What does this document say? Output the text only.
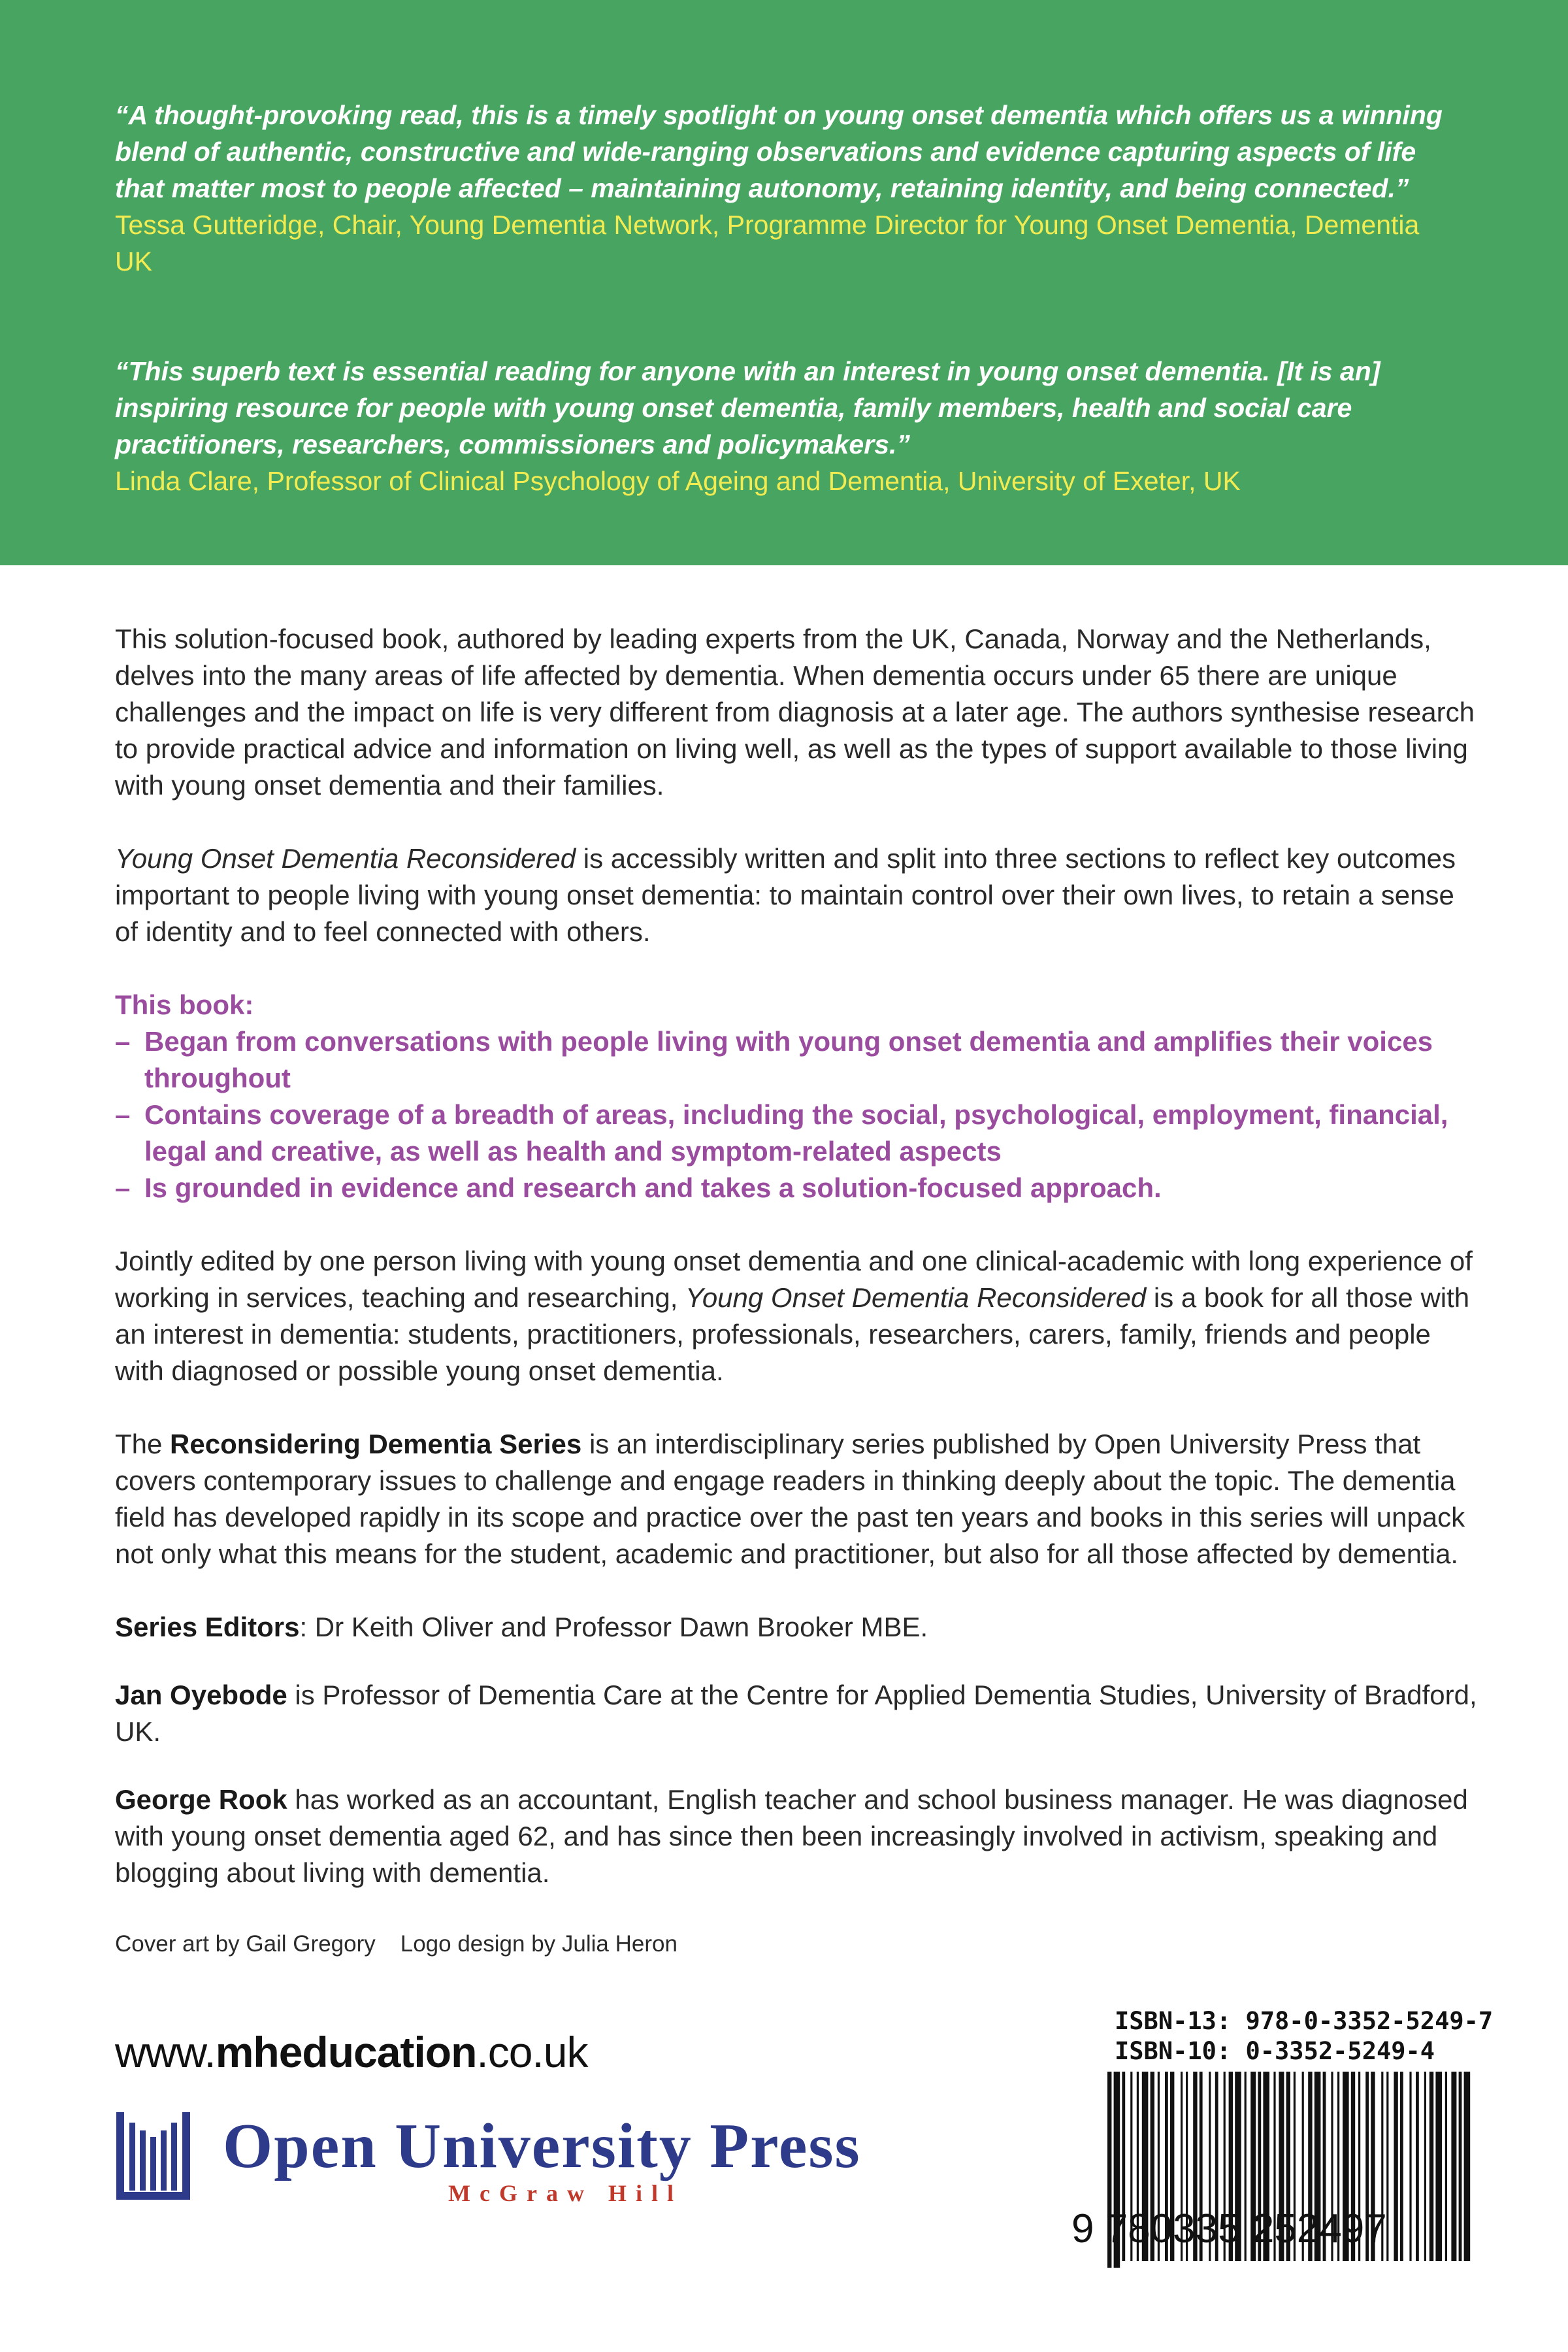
“A thought-provoking read, this is a timely spotlight on young onset dementia which offers us a winning blend of authentic, constructive and wide-ranging observations and evidence capturing aspects of life that matter most to people affected – maintaining autonomy, retaining identity, and being connected.”

Tessa Gutteridge, Chair, Young Dementia Network, Programme Director for Young Onset Dementia, Dementia UK

“This superb text is essential reading for anyone with an interest in young onset dementia. [It is an] inspiring resource for people with young onset dementia, family members, health and social care practitioners, researchers, commissioners and policymakers.”

Linda Clare, Professor of Clinical Psychology of Ageing and Dementia, University of Exeter, UK

This solution-focused book, authored by leading experts from the UK, Canada, Norway and the Netherlands, delves into the many areas of life affected by dementia. When dementia occurs under 65 there are unique challenges and the impact on life is very different from diagnosis at a later age. The authors synthesise research to provide practical advice and information on living well, as well as the types of support available to those living with young onset dementia and their families.

Young Onset Dementia Reconsidered is accessibly written and split into three sections to reflect key outcomes important to people living with young onset dementia: to maintain control over their own lives, to retain a sense of identity and to feel connected with others.

This book:
– Began from conversations with people living with young onset dementia and amplifies their voices throughout
– Contains coverage of a breadth of areas, including the social, psychological, employment, financial, legal and creative, as well as health and symptom-related aspects
– Is grounded in evidence and research and takes a solution-focused approach.

Jointly edited by one person living with young onset dementia and one clinical-academic with long experience of working in services, teaching and researching, Young Onset Dementia Reconsidered is a book for all those with an interest in dementia: students, practitioners, professionals, researchers, carers, family, friends and people with diagnosed or possible young onset dementia.

The Reconsidering Dementia Series is an interdisciplinary series published by Open University Press that covers contemporary issues to challenge and engage readers in thinking deeply about the topic. The dementia field has developed rapidly in its scope and practice over the past ten years and books in this series will unpack not only what this means for the student, academic and practitioner, but also for all those affected by dementia.

Series Editors: Dr Keith Oliver and Professor Dawn Brooker MBE.

Jan Oyebode is Professor of Dementia Care at the Centre for Applied Dementia Studies, University of Bradford, UK.

George Rook has worked as an accountant, English teacher and school business manager. He was diagnosed with young onset dementia aged 62, and has since then been increasingly involved in activism, speaking and blogging about living with dementia.

Cover art by Gail Gregory Logo design by Julia Heron

www.mheducation.co.uk
Open University Press
McGraw Hill
ISBN-13: 978-0-3352-5249-7
ISBN-10: 0-3352-5249-4
9 780335 252497
